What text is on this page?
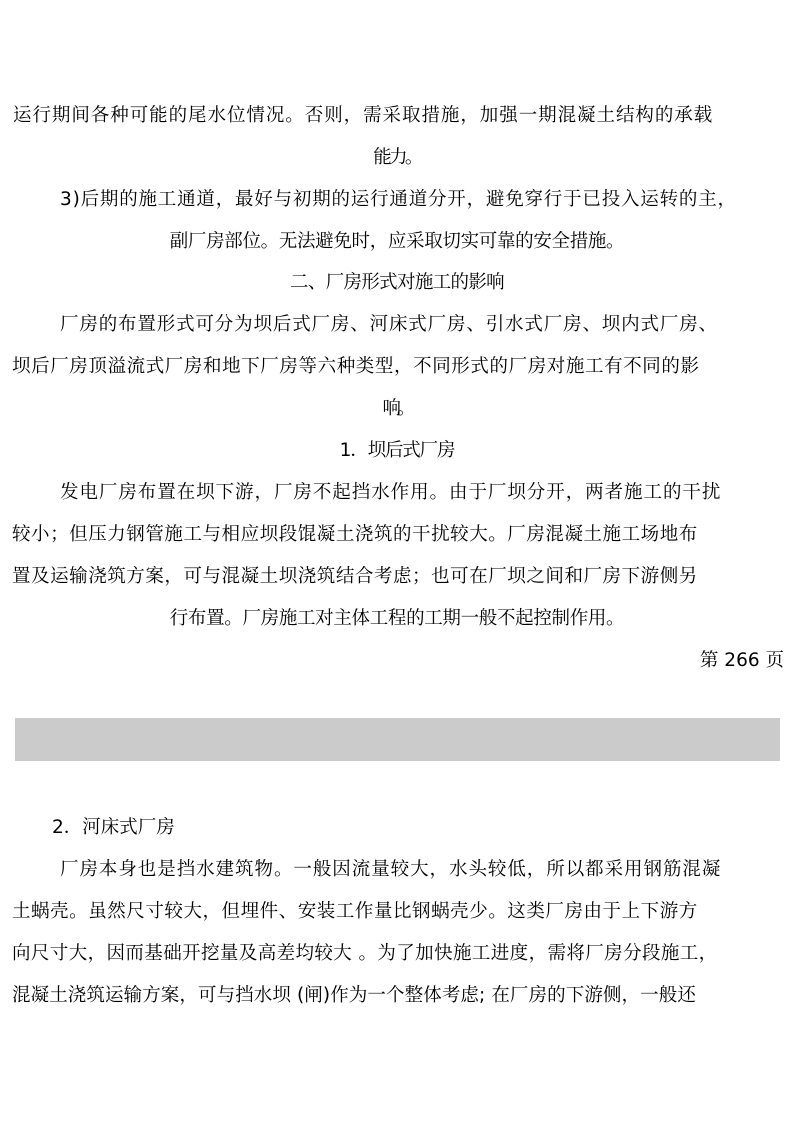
运行期间各种可能的尾水位情况。否则，需采取措施，加强一期混凝土结构的承载
能力。
3)后期的施工通道，最好与初期的运行通道分开，避免穿行于已投入运转的主，
副厂房部位。无法避免时，应采取切实可靠的安全措施。
二、厂房形式对施工的影响
厂房的布置形式可分为坝后式厂房、河床式厂房、引水式厂房、坝内式厂房、
坝后厂房顶溢流式厂房和地下厂房等六种类型，不同形式的厂房对施工有不同的影
响。
1．坝后式厂房
发电厂房布置在坝下游，厂房不起挡水作用。由于厂坝分开，两者施工的干扰
较小；但压力钢管施工与相应坝段馄凝土浇筑的干扰较大。厂房混凝土施工场地布
置及运输浇筑方案，可与混凝土坝浇筑结合考虑；也可在厂坝之间和厂房下游侧另
行布置。厂房施工对主体工程的工期一般不起控制作用。
第 266 页
2．河床式厂房
厂房本身也是挡水建筑物。一般因流量较大，水头较低，所以都采用钢筋混凝
土蜗壳。虽然尺寸较大，但埋件、安装工作量比钢蜗壳少。这类厂房由于上下游方
向尺寸大，因而基础开挖量及高差均较大 。为了加快施工进度，需将厂房分段施工，
混凝土浇筑运输方案，可与挡水坝 (闸)作为一个整体考虑; 在厂房的下游侧，一般还
